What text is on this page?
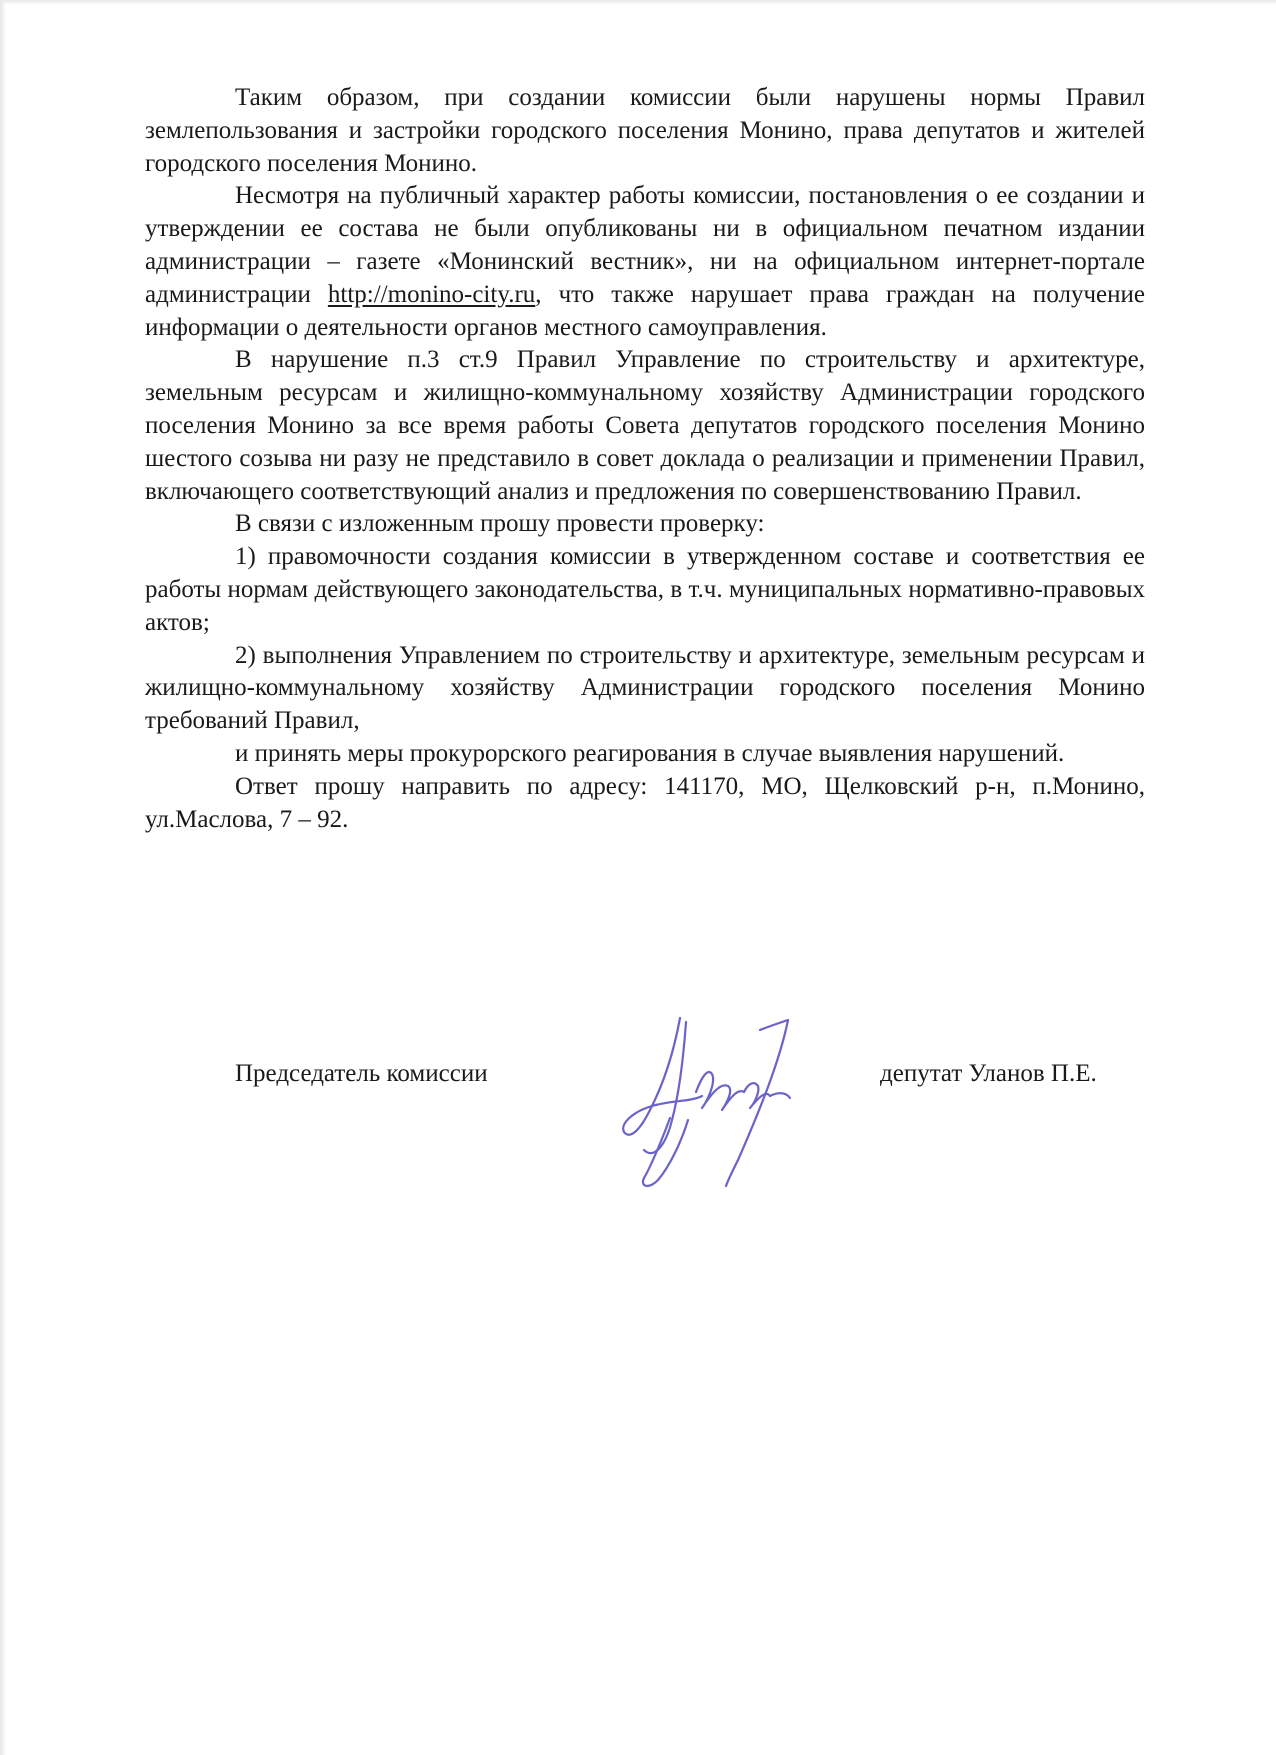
Таким образом, при создании комиссии были нарушены нормы Правил землепользования и застройки городского поселения Монино, права депутатов и жителей городского поселения Монино.

Несмотря на публичный характер работы комиссии, постановления о ее создании и утверждении ее состава не были опубликованы ни в официальном печатном издании администрации – газете «Монинский вестник», ни на официальном интернет-портале администрации http://monino-city.ru, что также нарушает права граждан на получение информации о деятельности органов местного самоуправления.

В нарушение п.3 ст.9 Правил Управление по строительству и архитектуре, земельным ресурсам и жилищно-коммунальному хозяйству Администрации городского поселения Монино за все время работы Совета депутатов городского поселения Монино шестого созыва ни разу не представило в совет доклада о реализации и применении Правил, включающего соответствующий анализ и предложения по совершенствованию Правил.

В связи с изложенным прошу провести проверку:

1) правомочности создания комиссии в утвержденном составе и соответствия ее работы нормам действующего законодательства, в т.ч. муниципальных нормативно-правовых актов;

2) выполнения Управлением по строительству и архитектуре, земельным ресурсам и жилищно-коммунальному хозяйству Администрации городского поселения Монино требований Правил,

и принять меры прокурорского реагирования в случае выявления нарушений.

Ответ прошу направить по адресу: 141170, МО, Щелковский р-н, п.Монино, ул.Маслова, 7 – 92.

Председатель комиссии	депутат Уланов П.Е.
